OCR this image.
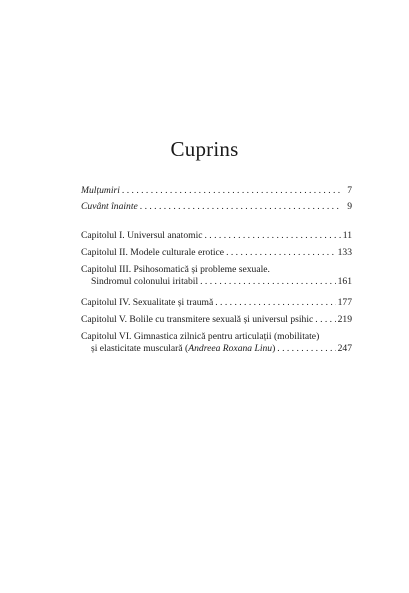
Cuprins
Mulțumiri . . .	7
Cuvânt înainte . . .	9
Capitolul I. Universul anatomic . . .	11
Capitolul II. Modele culturale erotice . . .	133
Capitolul III. Psihosomatică și probleme sexuale.
Sindromul colonului iritabil . . .	161
Capitolul IV. Sexualitate și traumă . . .	177
Capitolul V. Bolile cu transmitere sexuală și universul psihic . . .	219
Capitolul VI. Gimnastica zilnică pentru articulații (mobilitate)
și elasticitate musculară (Andreea Roxana Linu) . . .	247
